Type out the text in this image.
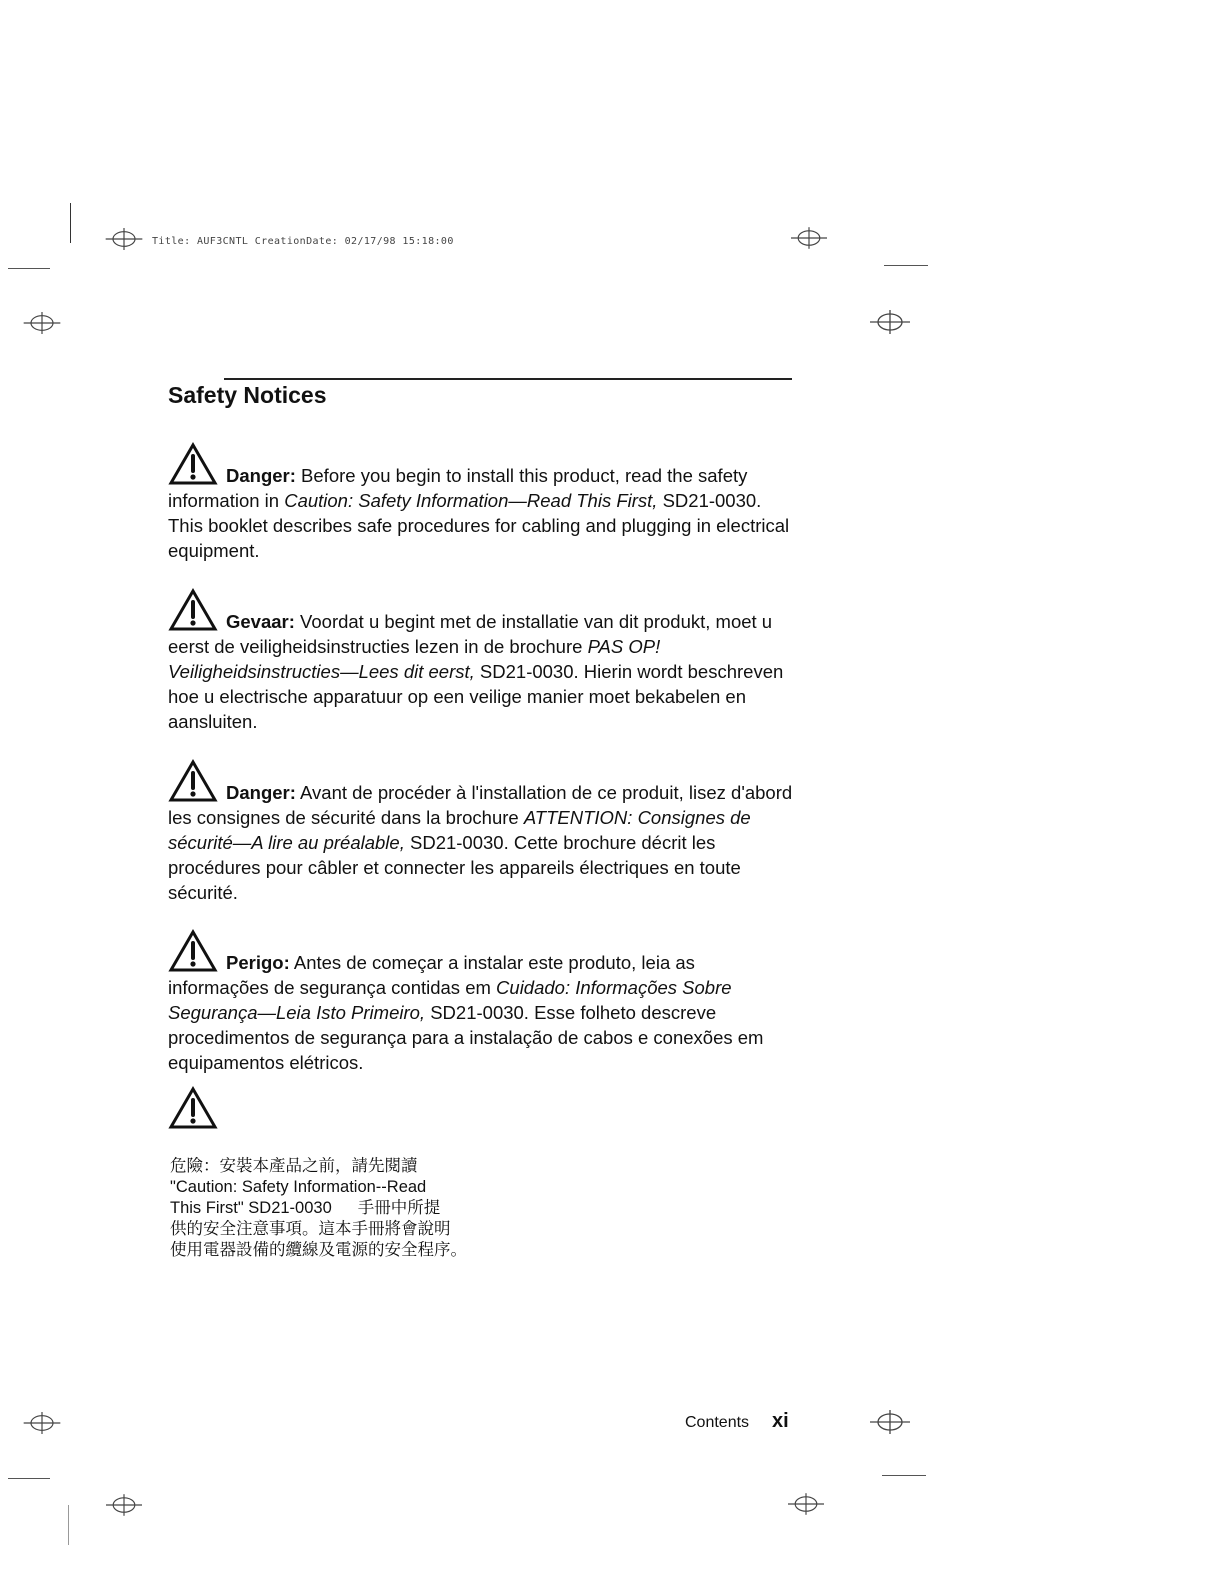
Title: AUF3CNTL CreationDate: 02/17/98 15:18:00
Safety Notices
Danger: Before you begin to install this product, read the safety information in Caution: Safety Information—Read This First, SD21-0030. This booklet describes safe procedures for cabling and plugging in electrical equipment.
Gevaar: Voordat u begint met de installatie van dit produkt, moet u eerst de veiligheidsinstructies lezen in de brochure PAS OP! Veiligheidsinstructies—Lees dit eerst, SD21-0030. Hierin wordt beschreven hoe u electrische apparatuur op een veilige manier moet bekabelen en aansluiten.
Danger: Avant de procéder à l'installation de ce produit, lisez d'abord les consignes de sécurité dans la brochure ATTENTION: Consignes de sécurité—A lire au préalable, SD21-0030. Cette brochure décrit les procédures pour câbler et connecter les appareils électriques en toute sécurité.
Perigo: Antes de começar a instalar este produto, leia as informações de segurança contidas em Cuidado: Informações Sobre Segurança—Leia Isto Primeiro, SD21-0030. Esse folheto descreve procedimentos de segurança para a instalação de cabos e conexões em equipamentos elétricos.
危險：安裝本產品之前，請先閱讀
"Caution: Safety Information--Read
This First" SD21-0030 手冊中所提
供的安全注意事項。這本手冊將會說明
使用電器設備的纜線及電源的安全程序。
Contents xi
